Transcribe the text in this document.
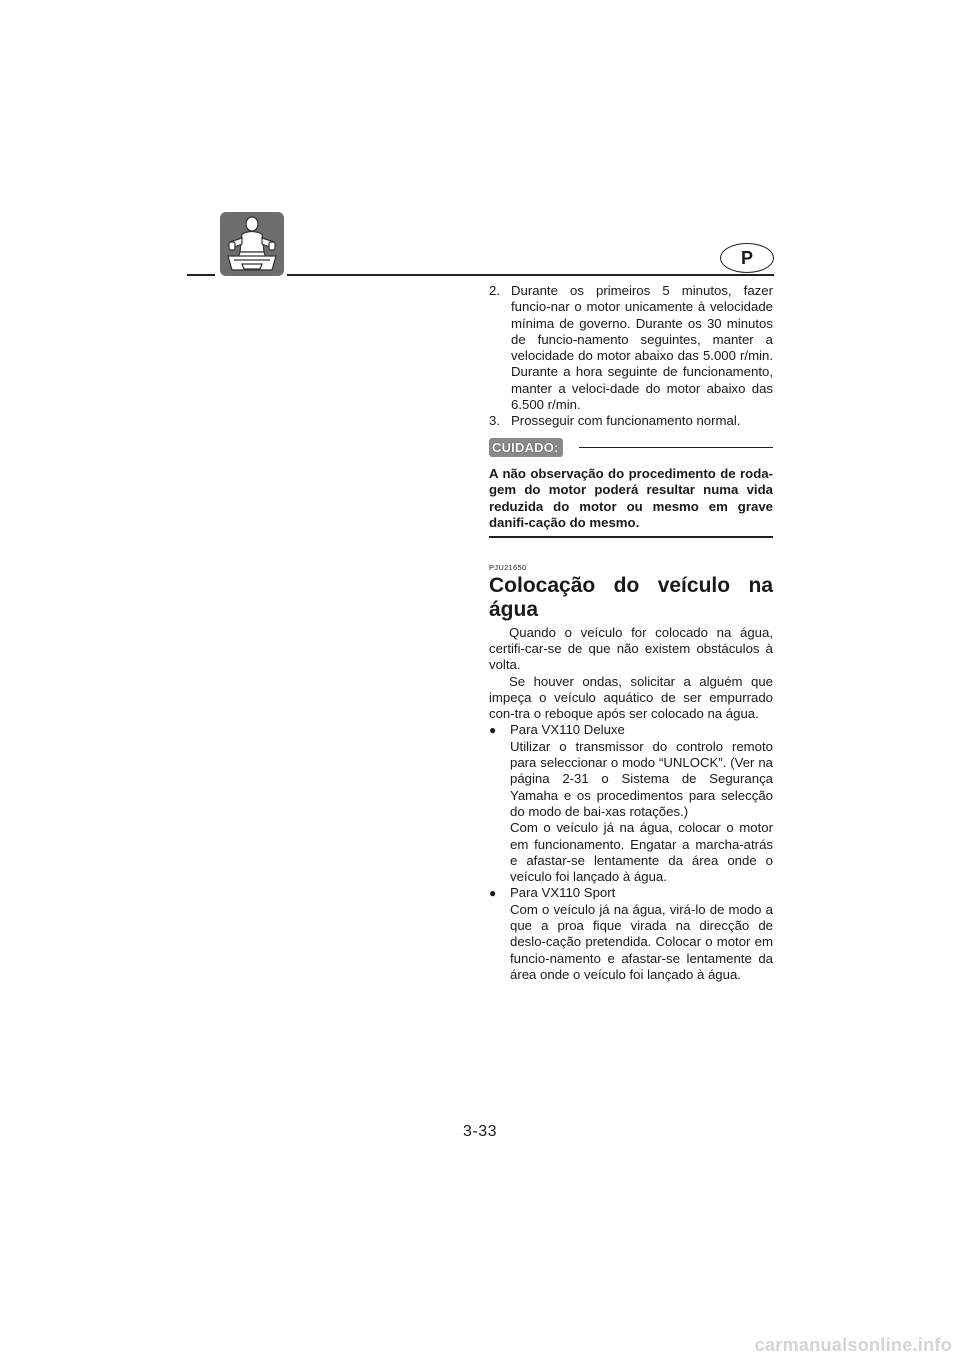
P
2. Durante os primeiros 5 minutos, fazer funcio-nar o motor unicamente à velocidade mínima de governo. Durante os 30 minutos de funcio-namento seguintes, manter a velocidade do motor abaixo das 5.000 r/min. Durante a hora seguinte de funcionamento, manter a veloci-dade do motor abaixo das 6.500 r/min.
3. Prosseguir com funcionamento normal.
CUIDADO:
A não observação do procedimento de roda-gem do motor poderá resultar numa vida reduzida do motor ou mesmo em grave danifi-cação do mesmo.
PJU21650
Colocação do veículo na água
Quando o veículo for colocado na água, certifi-car-se de que não existem obstáculos à volta.
Se houver ondas, solicitar a alguém que impeça o veículo aquático de ser empurrado con-tra o reboque após ser colocado na água.
●	Para VX110 Deluxe
Utilizar o transmissor do controlo remoto para seleccionar o modo “UNLOCK”. (Ver na página 2-31 o Sistema de Segurança Yamaha e os procedimentos para selecção do modo de bai-xas rotações.)
Com o veículo já na água, colocar o motor em funcionamento. Engatar a marcha-atrás e afastar-se lentamente da área onde o veículo foi lançado à água.
●	Para VX110 Sport
Com o veículo já na água, virá-lo de modo a que a proa fique virada na direcção de deslo-cação pretendida. Colocar o motor em funcio-namento e afastar-se lentamente da área onde o veículo foi lançado à água.
3-33
carmanualsonline.info
